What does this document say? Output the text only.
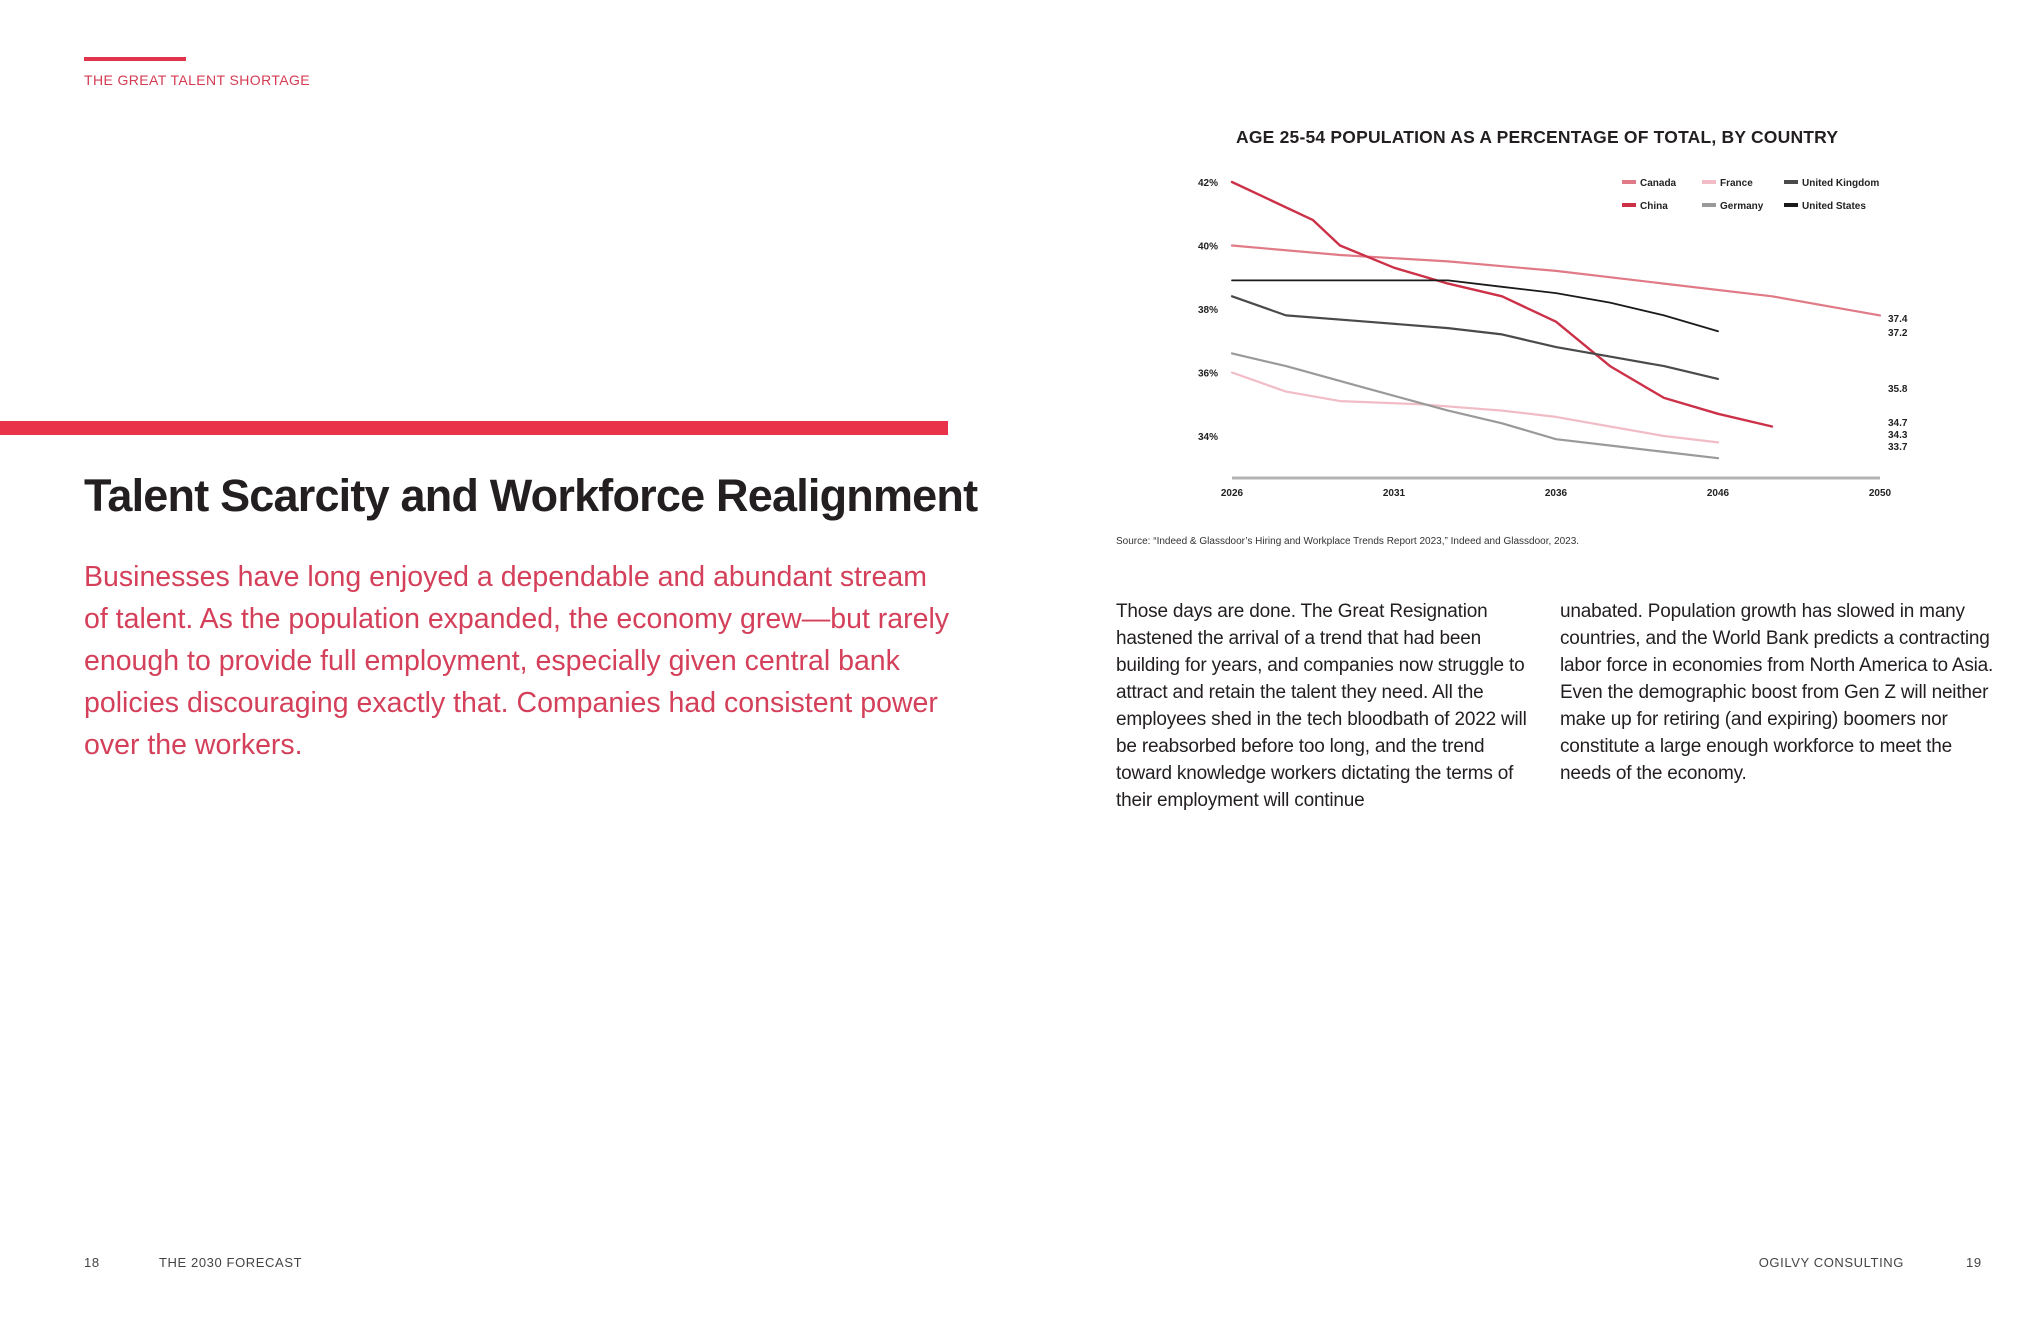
THE GREAT TALENT SHORTAGE
Talent Scarcity and Workforce Realignment

Businesses have long enjoyed a dependable and abundant stream of talent. As the population expanded, the economy grew—but rarely enough to provide full employment, especially given central bank policies discouraging exactly that. Companies had consistent power over the workers.

AGE 25-54 POPULATION AS A PERCENTAGE OF TOTAL, BY COUNTRY
34%
36%
38%
40%
42%
2026	2031	2036	2046	2050
37.4
34.7
34.3
33.7
35.8
37.2
Canada
China
France
Germany
United Kingdom
United States
Source: “Indeed & Glassdoor’s Hiring and Workplace Trends Report 2023,” Indeed and Glassdoor, 2023.

Those days are done. The Great Resignation hastened the arrival of a trend that had been building for years, and companies now struggle to attract and retain the talent they need. All the employees shed in the tech bloodbath of 2022 will be reabsorbed before too long, and the trend toward knowledge workers dictating the terms of their employment will continue

unabated. Population growth has slowed in many countries, and the World Bank predicts a contracting labor force in economies from North America to Asia. Even the demographic boost from Gen Z will neither make up for retiring (and expiring) boomers nor constitute a large enough workforce to meet the needs of the economy.

18	THE 2030 FORECAST	OGILVY CONSULTING	19
